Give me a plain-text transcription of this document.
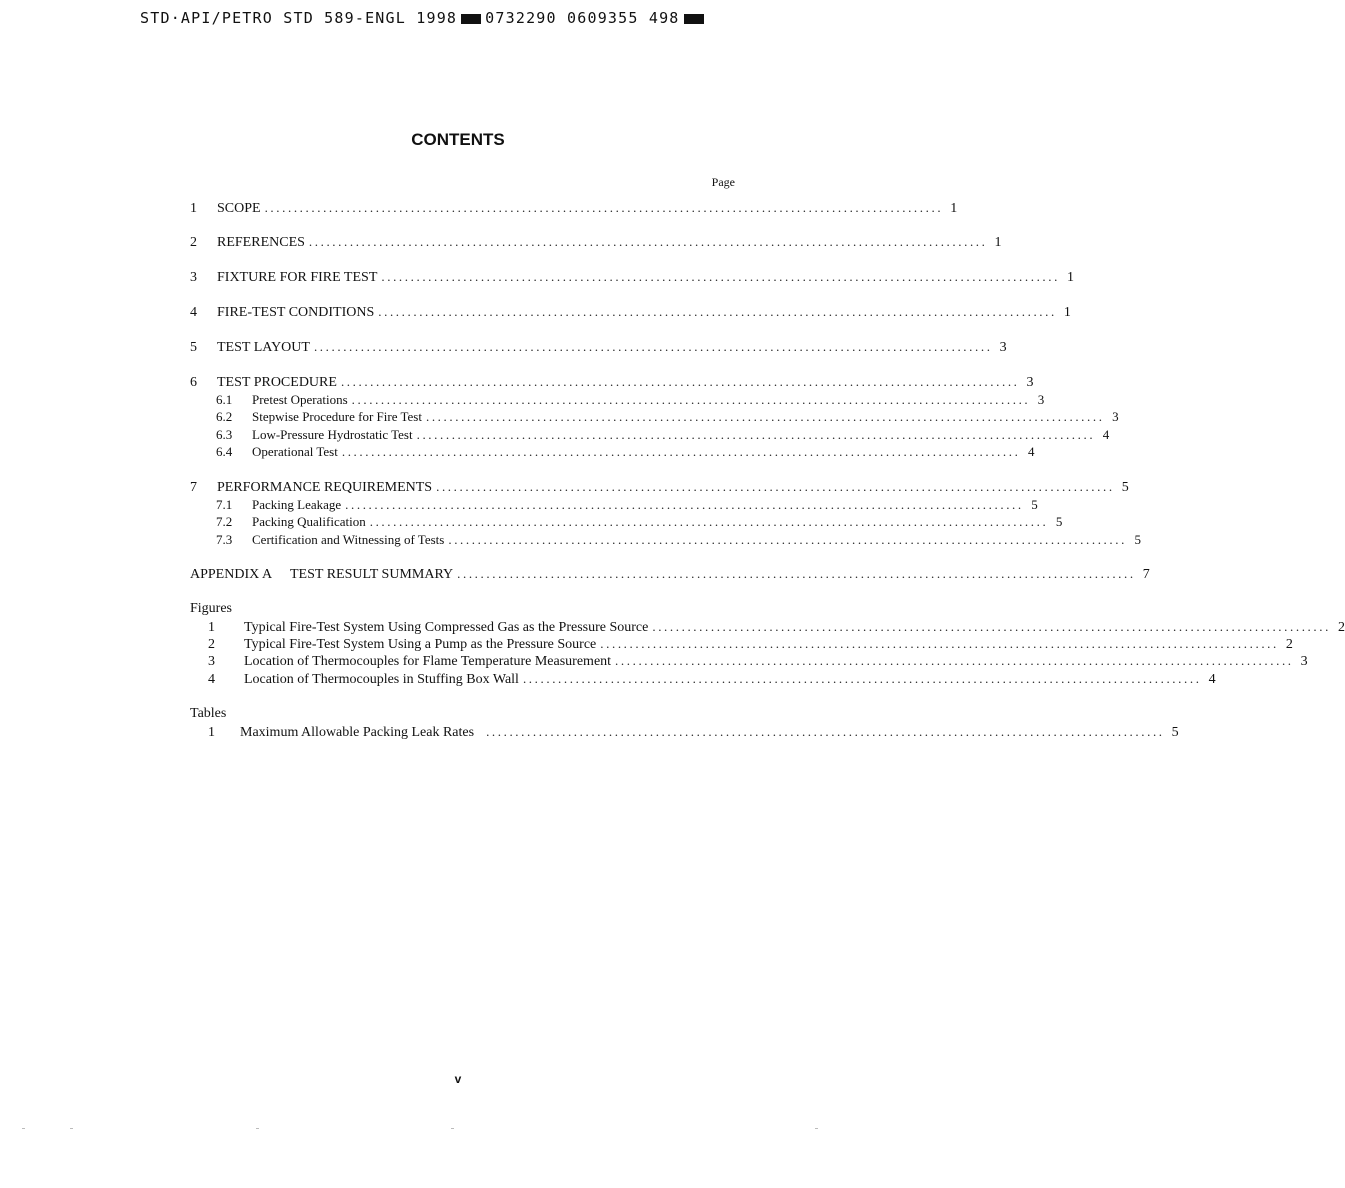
STD·API/PETRO STD 589-ENGL 1998 0732290 0609355 498
CONTENTS
Page
1	SCOPE .................................................................................................................... 1
2	REFERENCES .................................................................................................................... 1
3	FIXTURE FOR FIRE TEST .................................................................................................................... 1
4	FIRE-TEST CONDITIONS .................................................................................................................... 1
5	TEST LAYOUT .................................................................................................................... 3
6	TEST PROCEDURE .................................................................................................................... 3
6.1	Pretest Operations .................................................................................................................... 3
6.2	Stepwise Procedure for Fire Test .................................................................................................................... 3
6.3	Low-Pressure Hydrostatic Test .................................................................................................................... 4
6.4	Operational Test .................................................................................................................... 4
7	PERFORMANCE REQUIREMENTS .................................................................................................................... 5
7.1	Packing Leakage .................................................................................................................... 5
7.2	Packing Qualification .................................................................................................................... 5
7.3	Certification and Witnessing of Tests .................................................................................................................... 5
APPENDIX A	TEST RESULT SUMMARY .................................................................................................................... 7
Figures
1	Typical Fire-Test System Using Compressed Gas as the Pressure Source .................................................................................................................... 2
2	Typical Fire-Test System Using a Pump as the Pressure Source .................................................................................................................... 2
3	Location of Thermocouples for Flame Temperature Measurement .................................................................................................................... 3
4	Location of Thermocouples in Stuffing Box Wall .................................................................................................................... 4
Tables
1	Maximum Allowable Packing Leak Rates .................................................................................................................... 5
v
